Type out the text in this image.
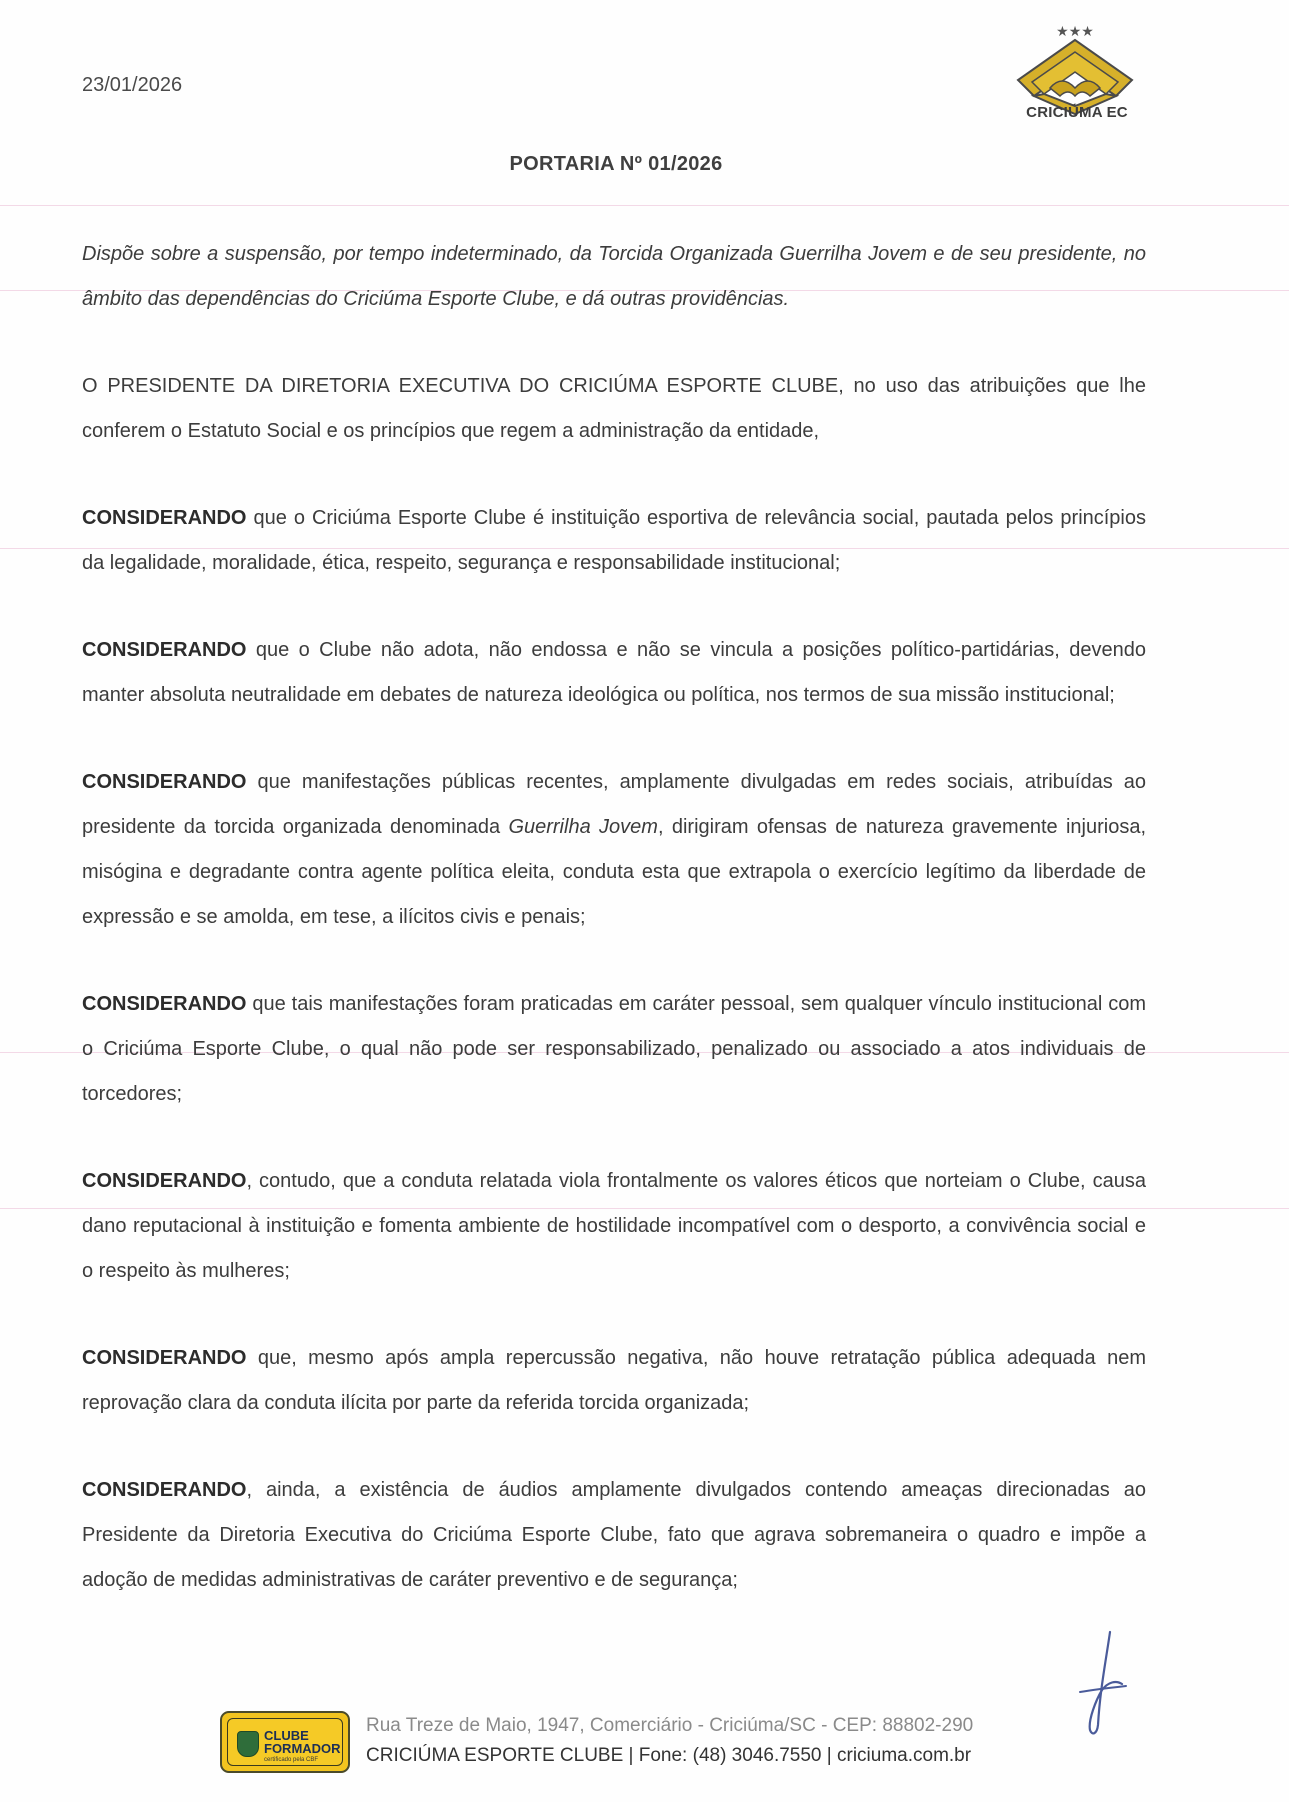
23/01/2026
★★★
CRICIÚMA EC
PORTARIA Nº 01/2026

Dispõe sobre a suspensão, por tempo indeterminado, da Torcida Organizada Guerrilha Jovem e de seu presidente, no âmbito das dependências do Criciúma Esporte Clube, e dá outras providências.

O PRESIDENTE DA DIRETORIA EXECUTIVA DO CRICIÚMA ESPORTE CLUBE, no uso das atribuições que lhe conferem o Estatuto Social e os princípios que regem a administração da entidade,

CONSIDERANDO que o Criciúma Esporte Clube é instituição esportiva de relevância social, pautada pelos princípios da legalidade, moralidade, ética, respeito, segurança e responsabilidade institucional;

CONSIDERANDO que o Clube não adota, não endossa e não se vincula a posições político-partidárias, devendo manter absoluta neutralidade em debates de natureza ideológica ou política, nos termos de sua missão institucional;

CONSIDERANDO que manifestações públicas recentes, amplamente divulgadas em redes sociais, atribuídas ao presidente da torcida organizada denominada Guerrilha Jovem, dirigiram ofensas de natureza gravemente injuriosa, misógina e degradante contra agente política eleita, conduta esta que extrapola o exercício legítimo da liberdade de expressão e se amolda, em tese, a ilícitos civis e penais;

CONSIDERANDO que tais manifestações foram praticadas em caráter pessoal, sem qualquer vínculo institucional com o Criciúma Esporte Clube, o qual não pode ser responsabilizado, penalizado ou associado a atos individuais de torcedores;

CONSIDERANDO, contudo, que a conduta relatada viola frontalmente os valores éticos que norteiam o Clube, causa dano reputacional à instituição e fomenta ambiente de hostilidade incompatível com o desporto, a convivência social e o respeito às mulheres;

CONSIDERANDO que, mesmo após ampla repercussão negativa, não houve retratação pública adequada nem reprovação clara da conduta ilícita por parte da referida torcida organizada;

CONSIDERANDO, ainda, a existência de áudios amplamente divulgados contendo ameaças direcionadas ao Presidente da Diretoria Executiva do Criciúma Esporte Clube, fato que agrava sobremaneira o quadro e impõe a adoção de medidas administrativas de caráter preventivo e de segurança;

CLUBE
FORMADOR
certificado pela CBF
Rua Treze de Maio, 1947, Comerciário - Criciúma/SC - CEP: 88802-290
CRICIÚMA ESPORTE CLUBE | Fone: (48) 3046.7550 | criciuma.com.br
